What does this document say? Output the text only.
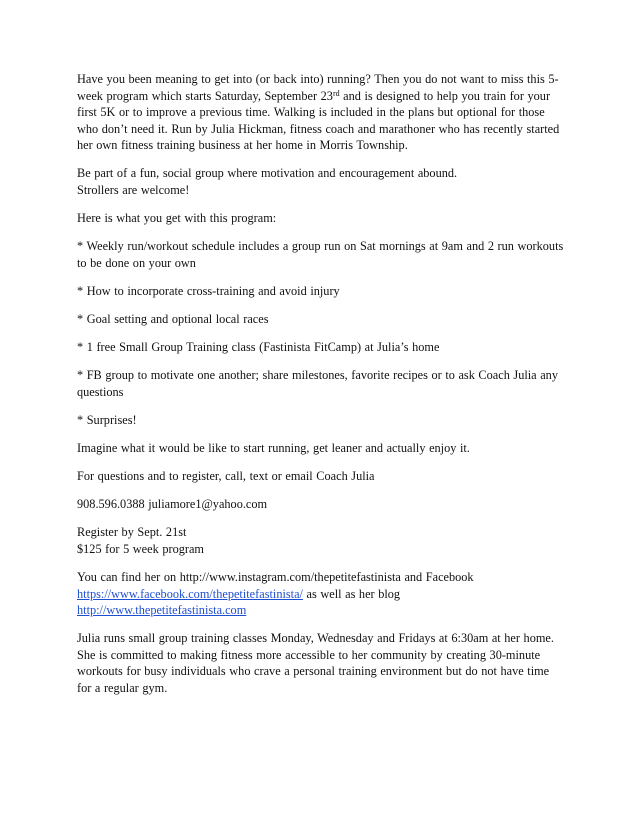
Have you been meaning to get into (or back into) running? Then you do not want to miss this 5-
week program which starts Saturday, September 23rd and is designed to help you train for your
first 5K or to improve a previous time. Walking is included in the plans but optional for those
who don’t need it. Run by Julia Hickman, fitness coach and marathoner who has recently started
her own fitness training business at her home in Morris Township.

Be part of a fun, social group where motivation and encouragement abound.
Strollers are welcome!

Here is what you get with this program:

* Weekly run/workout schedule includes a group run on Sat mornings at 9am and 2 run workouts
to be done on your own

* How to incorporate cross-training and avoid injury

* Goal setting and optional local races

* 1 free Small Group Training class (Fastinista FitCamp) at Julia’s home

* FB group to motivate one another; share milestones, favorite recipes or to ask Coach Julia any
questions

* Surprises!

Imagine what it would be like to start running, get leaner and actually enjoy it.

For questions and to register, call, text or email Coach Julia

908.596.0388 juliamore1@yahoo.com

Register by Sept. 21st
$125 for 5 week program

You can find her on http://www.instagram.com/thepetitefastinista and Facebook
https://www.facebook.com/thepetitefastinista/ as well as her blog
http://www.thepetitefastinista.com

Julia runs small group training classes Monday, Wednesday and Fridays at 6:30am at her home.
She is committed to making fitness more accessible to her community by creating 30-minute
workouts for busy individuals who crave a personal training environment but do not have time
for a regular gym.
